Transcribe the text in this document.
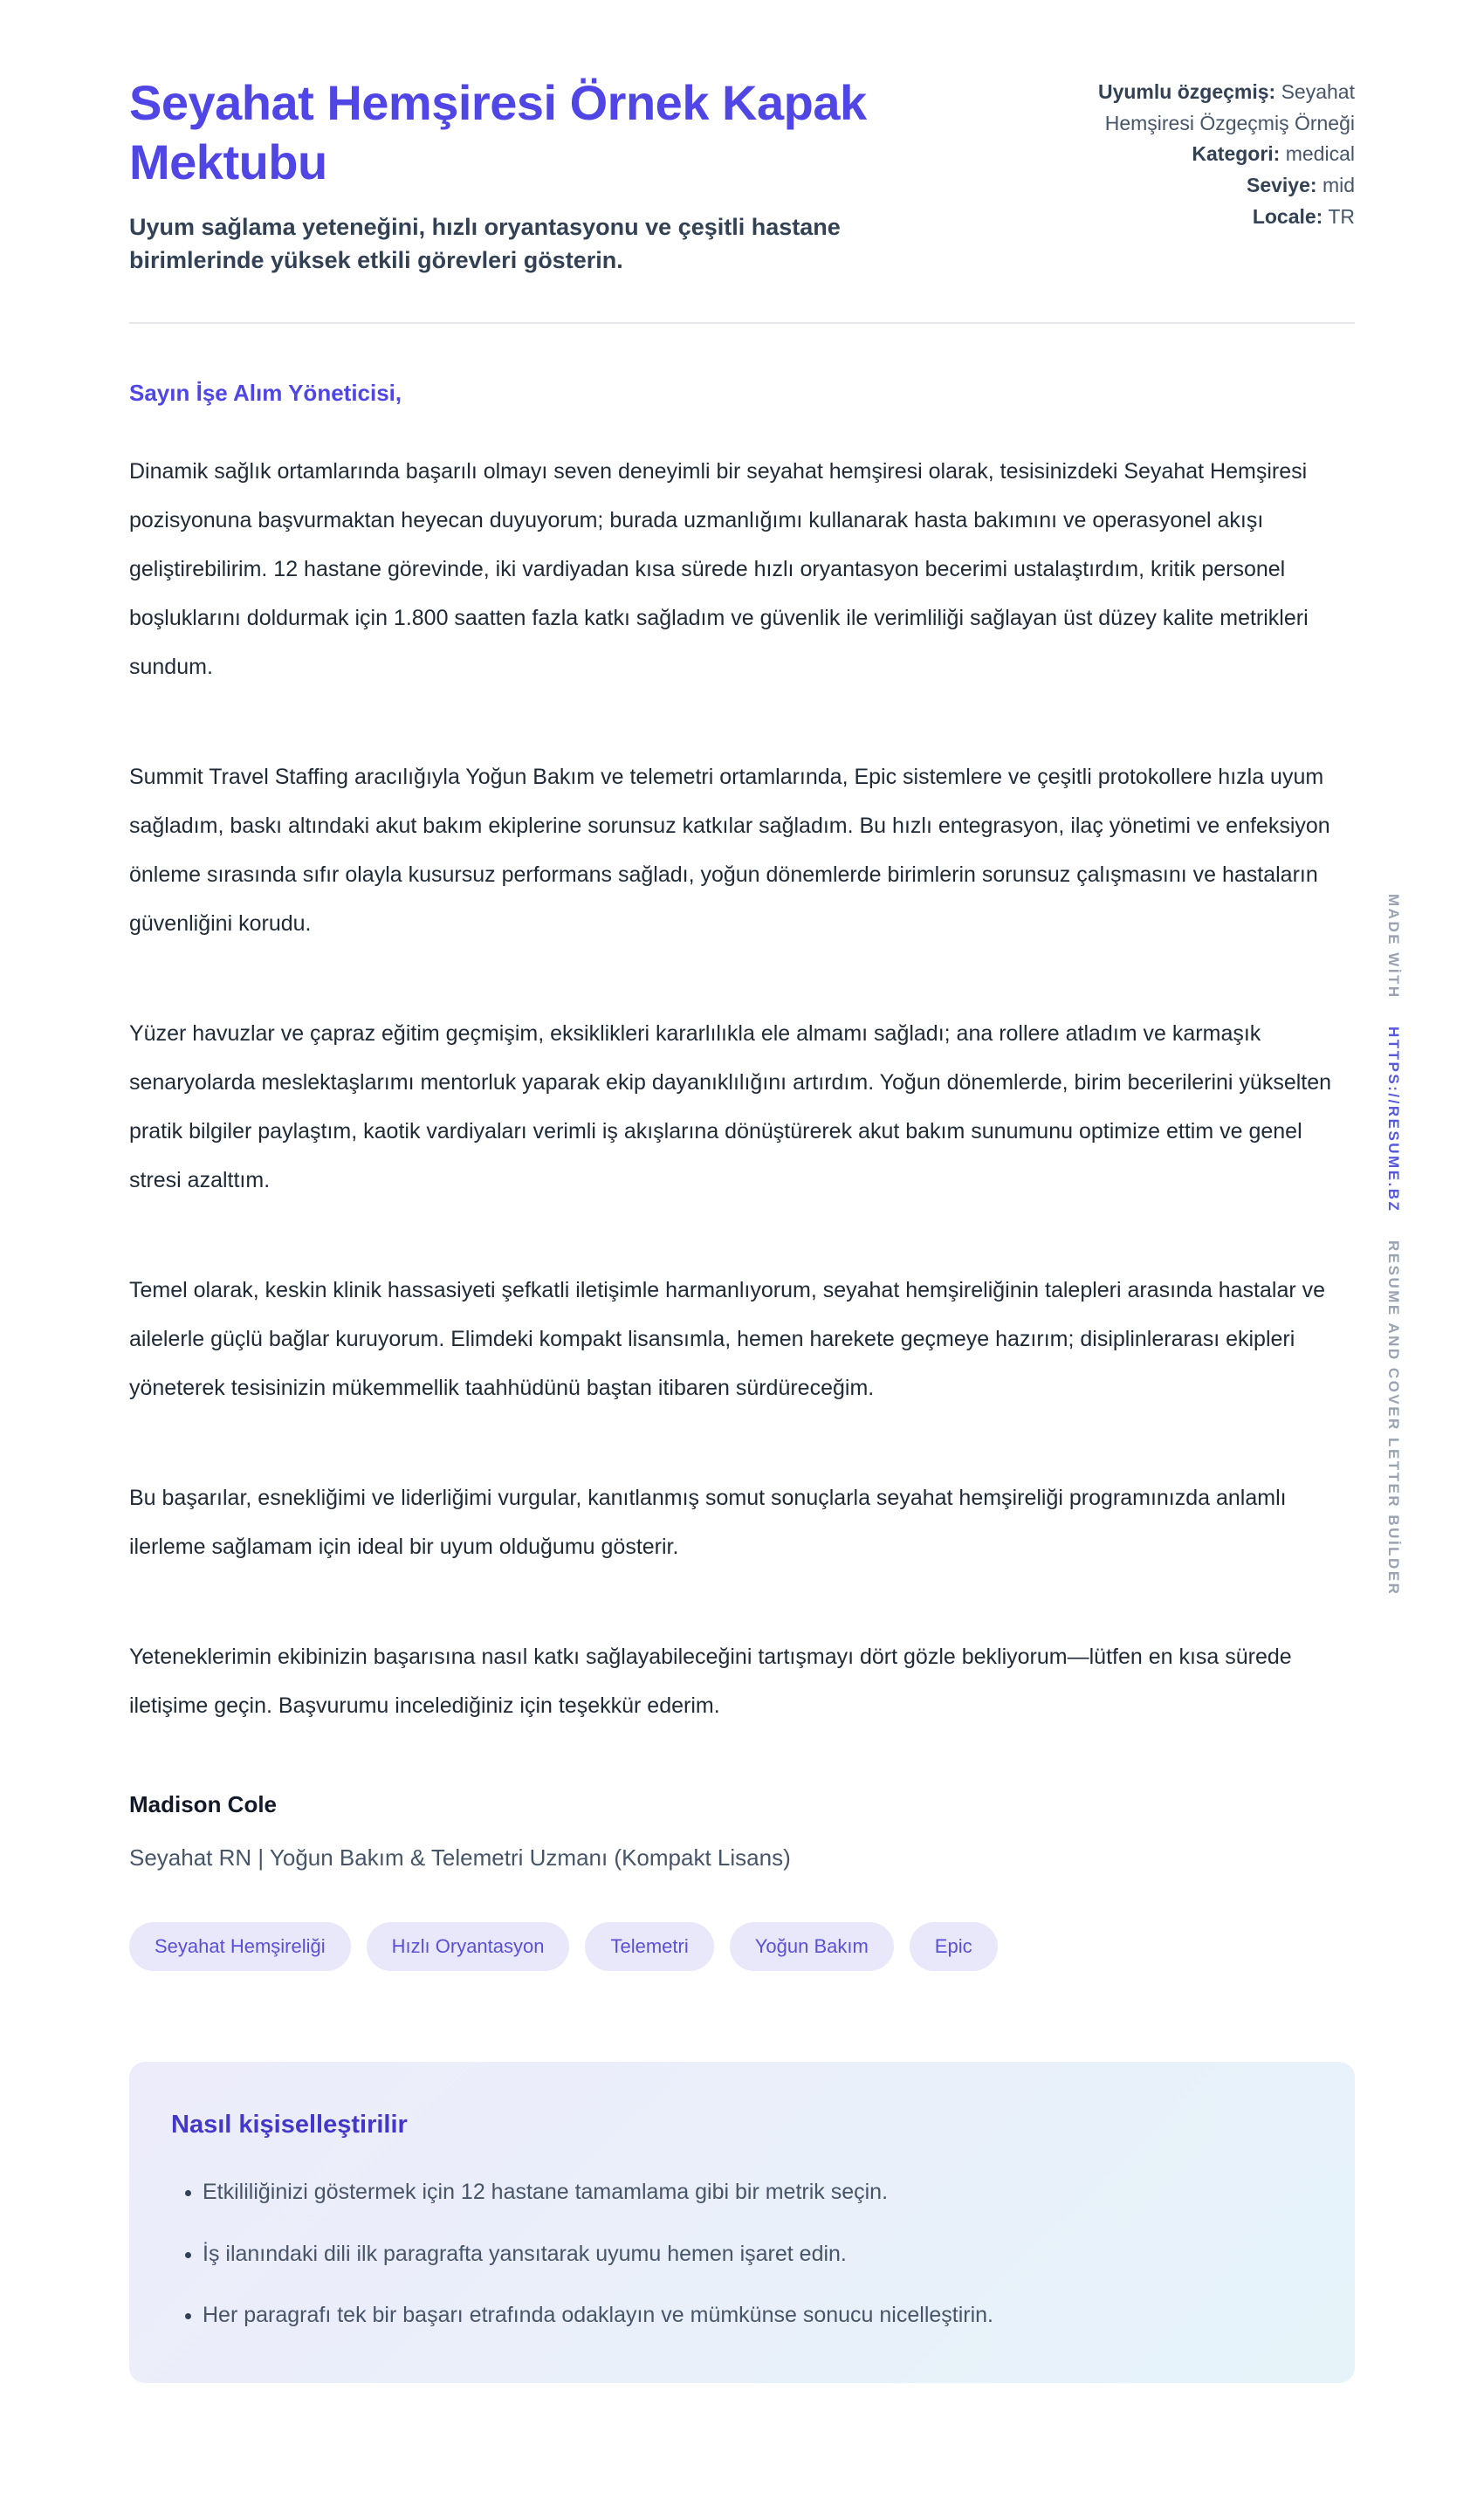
Seyahat Hemşiresi Örnek Kapak Mektubu

Uyum sağlama yeteneğini, hızlı oryantasyonu ve çeşitli hastane birimlerinde yüksek etkili görevleri gösterin.

Uyumlu özgeçmiş: Seyahat Hemşiresi Özgeçmiş Örneği

Kategori: medical

Seviye: mid

Locale: TR

Sayın İşe Alım Yöneticisi,

Dinamik sağlık ortamlarında başarılı olmayı seven deneyimli bir seyahat hemşiresi olarak, tesisinizdeki Seyahat Hemşiresi pozisyonuna başvurmaktan heyecan duyuyorum; burada uzmanlığımı kullanarak hasta bakımını ve operasyonel akışı geliştirebilirim. 12 hastane görevinde, iki vardiyadan kısa sürede hızlı oryantasyon becerimi ustalaştırdım, kritik personel boşluklarını doldurmak için 1.800 saatten fazla katkı sağladım ve güvenlik ile verimliliği sağlayan üst düzey kalite metrikleri sundum.

Summit Travel Staffing aracılığıyla Yoğun Bakım ve telemetri ortamlarında, Epic sistemlere ve çeşitli protokollere hızla uyum sağladım, baskı altındaki akut bakım ekiplerine sorunsuz katkılar sağladım. Bu hızlı entegrasyon, ilaç yönetimi ve enfeksiyon önleme sırasında sıfır olayla kusursuz performans sağladı, yoğun dönemlerde birimlerin sorunsuz çalışmasını ve hastaların güvenliğini korudu.

Yüzer havuzlar ve çapraz eğitim geçmişim, eksiklikleri kararlılıkla ele almamı sağladı; ana rollere atladım ve karmaşık senaryolarda meslektaşlarımı mentorluk yaparak ekip dayanıklılığını artırdım. Yoğun dönemlerde, birim becerilerini yükselten pratik bilgiler paylaştım, kaotik vardiyaları verimli iş akışlarına dönüştürerek akut bakım sunumunu optimize ettim ve genel stresi azalttım.

Temel olarak, keskin klinik hassasiyeti şefkatli iletişimle harmanlıyorum, seyahat hemşireliğinin talepleri arasında hastalar ve ailelerle güçlü bağlar kuruyorum. Elimdeki kompakt lisansımla, hemen harekete geçmeye hazırım; disiplinlerarası ekipleri yöneterek tesisinizin mükemmellik taahhüdünü baştan itibaren sürdüreceğim.

Bu başarılar, esnekliğimi ve liderliğimi vurgular, kanıtlanmış somut sonuçlarla seyahat hemşireliği programınızda anlamlı ilerleme sağlamam için ideal bir uyum olduğumu gösterir.

Yeteneklerimin ekibinizin başarısına nasıl katkı sağlayabileceğini tartışmayı dört gözle bekliyorum—lütfen en kısa sürede iletişime geçin. Başvurumu incelediğiniz için teşekkür ederim.

Madison Cole

Seyahat RN | Yoğun Bakım & Telemetri Uzmanı (Kompakt Lisans)

Seyahat Hemşireliği	Hızlı Oryantasyon	Telemetri	Yoğun Bakım	Epic
Nasıl kişiselleştirilir
• Etkililiğinizi göstermek için 12 hastane tamamlama gibi bir metrik seçin.
• İş ilanındaki dili ilk paragrafta yansıtarak uyumu hemen işaret edin.
• Her paragrafı tek bir başarı etrafında odaklayın ve mümkünse sonucu nicelleştirin.
MADE WİTH HTTPS://RESUME.BZ RESUME AND COVER LETTER BUİLDER
